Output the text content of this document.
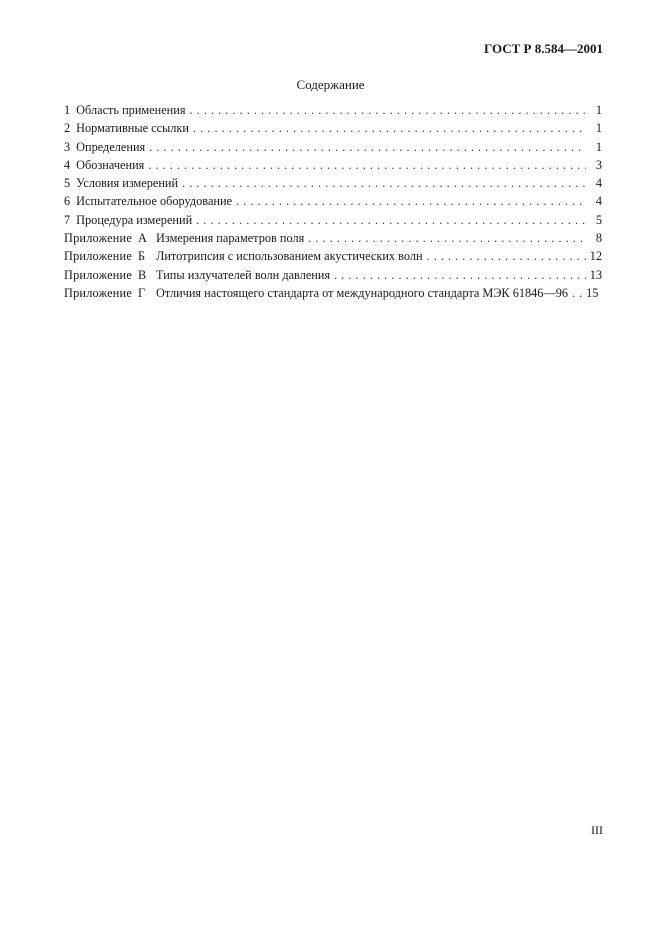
ГОСТ Р 8.584—2001
Содержание
1 Область применения . . .	1
2 Нормативные ссылки . . .	1
3 Определения . . .	1
4 Обозначения . . .	3
5 Условия измерений . . .	4
6 Испытательное оборудование . . .	4
7 Процедура измерений . . .	5
Приложение А Измерения параметров поля . . .	8
Приложение Б Литотрипсия с использованием акустических волн . . .	12
Приложение В Типы излучателей волн давления . . .	13
Приложение Г Отличия настоящего стандарта от международного стандарта МЭК 61846—96 . . . 15
III
